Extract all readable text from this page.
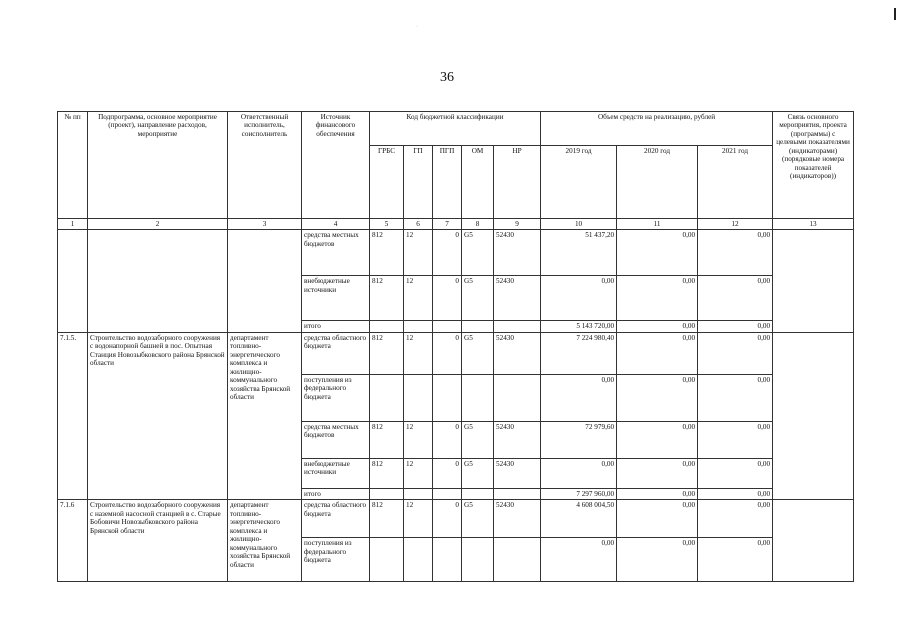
·
36
№ пп	Подпрограмма, основное мероприятие (проект), направление расходов, мероприятие	Ответственный исполнитель, соисполнитель	Источник финансового обеспечения	Код бюджетной классификации					Объем средств на реализацию, рублей			Связь основного мероприятия, проекта (программы) с целевыми показателями (индикаторами) (порядковые номера показателей (индикаторов))
				ГРБС	ГП	ПГП	ОМ	НР	2019 год	2020 год	2021 год	
1	2	3	4	5	6	7	8	9	10	11	12	13
			средства местных бюджетов	812	12	0	G5	52430	51 437,20	0,00	0,00	
			внебюджетные источники	812	12	0	G5	52430	0,00	0,00	0,00	
			итого						5 143 720,00	0,00	0,00	
7.1.5.	Строительство водозаборного сооружения с водонапорной башней в пос. Опытная Станция Новозыбковского района Брянской области	департамент топливно-энергетического комплекса и жилищно-коммунального хозяйства Брянской области	средства областного бюджета	812	12	0	G5	52430	7 224 980,40	0,00	0,00	
			поступления из федерального бюджета						0,00	0,00	0,00	
			средства местных бюджетов	812	12	0	G5	52430	72 979,60	0,00	0,00	
			внебюджетные источники	812	12	0	G5	52430	0,00	0,00	0,00	
			итого						7 297 960,00	0,00	0,00	
7.1.6	Строительство водозаборного сооружения с наземной насосной станцией в с. Старые Бобовичи Новозыбковского района Брянской области	департамент топливно-энергетического комплекса и жилищно-коммунального хозяйства Брянской области	средства областного бюджета	812	12	0	G5	52430	4 608 004,50	0,00	0,00	
			поступления из федерального бюджета						0,00	0,00	0,00	
